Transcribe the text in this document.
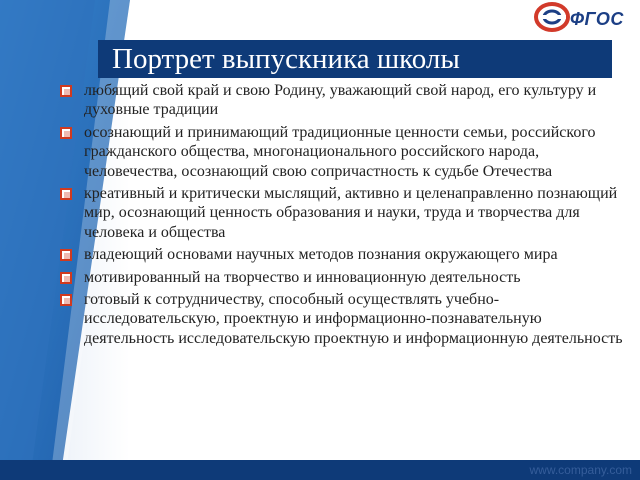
ФГОС
Портрет выпускника школы
любящий свой край и свою Родину, уважающий свой народ, его культуру и духовные традиции
осознающий и принимающий традиционные ценности семьи, российского гражданского общества, многонационального российского народа, человечества, осознающий свою сопричастность к судьбе Отечества
креативный и критически мыслящий, активно и целенаправленно познающий мир, осознающий ценность образования и науки, труда и творчества для человека и общества
владеющий основами научных методов познания окружающего мира
мотивированный на творчество и инновационную деятельность
готовый к сотрудничеству, способный осуществлять учебно-исследовательскую, проектную и информационно-познавательную деятельность исследовательскую проектную и информационную деятельность
www.company.com
